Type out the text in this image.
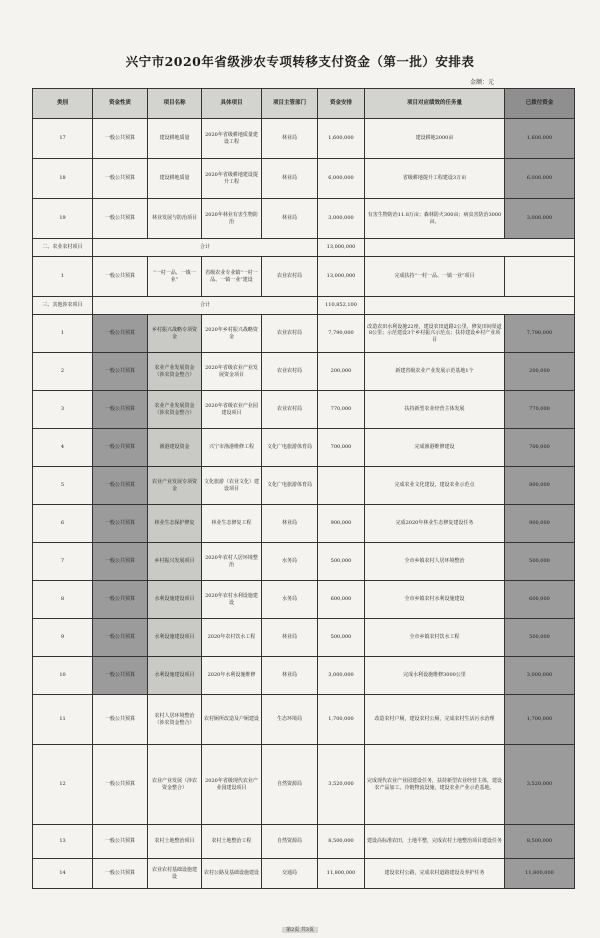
兴宁市2020年省级涉农专项转移支付资金（第一批）安排表
金额：元
类别	资金性质	项目名称	具体项目	项目主管部门	资金安排	项目对应绩效的任务量	已拨付资金
17	一般公共预算	建设耕地质量	2020年省级耕地质量建设工程	林业局	1,600,000	建设耕地2000亩	1,600,000
18	一般公共预算	建设耕地质量	2020年省级耕地建设提升工程	林业局	6,000,000	省级耕地提升工程建设3万亩	6,000,000
19	一般公共预算	林业发展与防治项目	2020年林业有害生物防治	林业局	3,000,000	有害生物防治11.8万亩；森林防火300亩；病虫害防治3000亩。	3,000,000
二、农业农村项目	合计				13,000,000		
1	一般公共预算	“一村一品、一镇一业”	省级农业专业镇“一村一品、一镇一业”建设	农业农村局	13,000,000	完成扶持“一村一品、一镇一业”项目	
三、其他涉农项目	合计				110,852,100		
1	一般公共预算	乡村振兴战略专项资金	2020年乡村振兴战略资金	农业农村局	7,790,000	改造农田水利设施22座，建设农田道路2公里，修复田间渠道8公里；示范建设3个乡村振兴示范点；扶持建设乡村产业项目	7,790,000
2	一般公共预算	农业产业发展资金（涉农资金整合）	2020年省级农业产业发展资金项目	农业农村局	200,000	新建省级农业产业发展示范基地1个	200,000
3	一般公共预算	农业产业发展资金（涉农资金整合）	2020年省级农业产业园建设项目	农业农村局	770,000	扶持新型农业经营主体发展	770,000
4	一般公共预算	渔港建设资金	兴宁市渔港维修工程	文化广电旅游体育局	700,000	完成渔港维修建设	700,000
5	一般公共预算	农业产业发展专项资金	文化旅游（农业文化）建设项目	文化广电旅游体育局		完成农业文化建设，建设农业示范点	800,000
6	一般公共预算	林业生态保护修复	林业生态修复工程	林业局	900,000	完成2020年林业生态修复建设任务	900,000
7	一般公共预算	乡村振兴发展项目	2020年农村人居环境整治	水务局	500,000	全市乡镇农村人居环境整治	500,000
8	一般公共预算	水利设施建设项目	2020年农村水利设施建设	水务局	600,000	全市乡镇农村水利设施建设	600,000
9	一般公共预算	水利设施建设项目	2020年农村饮水工程	林业局	500,000	全市乡镇农村饮水工程	500,000
10	一般公共预算	水利设施建设项目	2020年水利设施维修	林业局	3,000,000	完成水利设施维修3000公里	3,000,000
11	一般公共预算	农村人居环境整治（涉农资金整合）	农村厕所改造及户厕建设	生态环境局	1,700,000	改造农村户厕，建设农村公厕，完成农村生活污水治理	1,700,000
12	一般公共预算	农业产业发展（涉农资金整合）	2020年省级现代农业产业园建设项目	自然资源局	3,520,000	完成现代农业产业园建设任务，扶持新型农业经营主体，建设农产品加工、冷链物流设施，建设农业产业示范基地。	3,520,000
13	一般公共预算	农村土地整治项目	农村土地整治工程	自然资源局	8,500,000	建设高标准农田，土地平整，完成农村土地整治项目建设任务	8,500,000
14	一般公共预算	农业农村基础设施建设	农村公路及基础设施建设	交通局	11,800,000	建设农村公路，完成农村道路建设及养护任务	11,800,000
第2页 共3页
